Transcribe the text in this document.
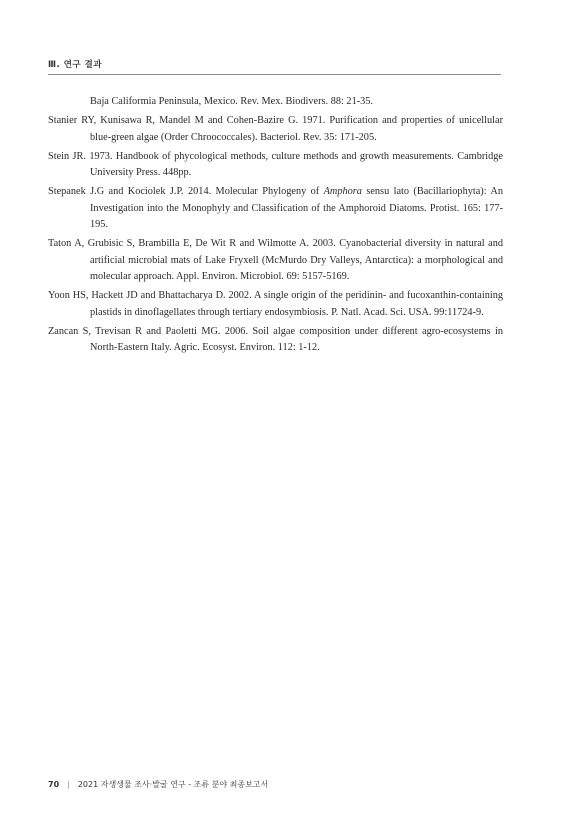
Ⅲ. 연구 결과
Baja Califormia Peninsula, Mexico. Rev. Mex. Biodivers. 88: 21-35.
Stanier RY, Kunisawa R, Mandel M and Cohen-Bazire G. 1971. Purification and properties of unicellular blue-green algae (Order Chroococcales). Bacteriol. Rev. 35: 171-205.
Stein JR. 1973. Handbook of phycological methods, culture methods and growth measurements. Cambridge University Press. 448pp.
Stepanek J.G and Kociolek J.P. 2014. Molecular Phylogeny of Amphora sensu lato (Bacillariophyta): An Investigation into the Monophyly and Classification of the Amphoroid Diatoms. Protist. 165: 177-195.
Taton A, Grubisic S, Brambilla E, De Wit R and Wilmotte A. 2003. Cyanobacterial diversity in natural and artificial microbial mats of Lake Fryxell (McMurdo Dry Valleys, Antarctica): a morphological and molecular approach. Appl. Environ. Microbiol. 69: 5157-5169.
Yoon HS, Hackett JD and Bhattacharya D. 2002. A single origin of the peridinin- and fucoxanthin-containing plastids in dinoflagellates through tertiary endosymbiosis. P. Natl. Acad. Sci. USA. 99:11724-9.
Zancan S, Trevisan R and Paoletti MG. 2006. Soil algae composition under different agro-ecosystems in North-Eastern Italy. Agric. Ecosyst. Environ. 112: 1-12.
70 | 2021 자생생물 조사·발굴 연구 - 조류 분야 최종보고서
